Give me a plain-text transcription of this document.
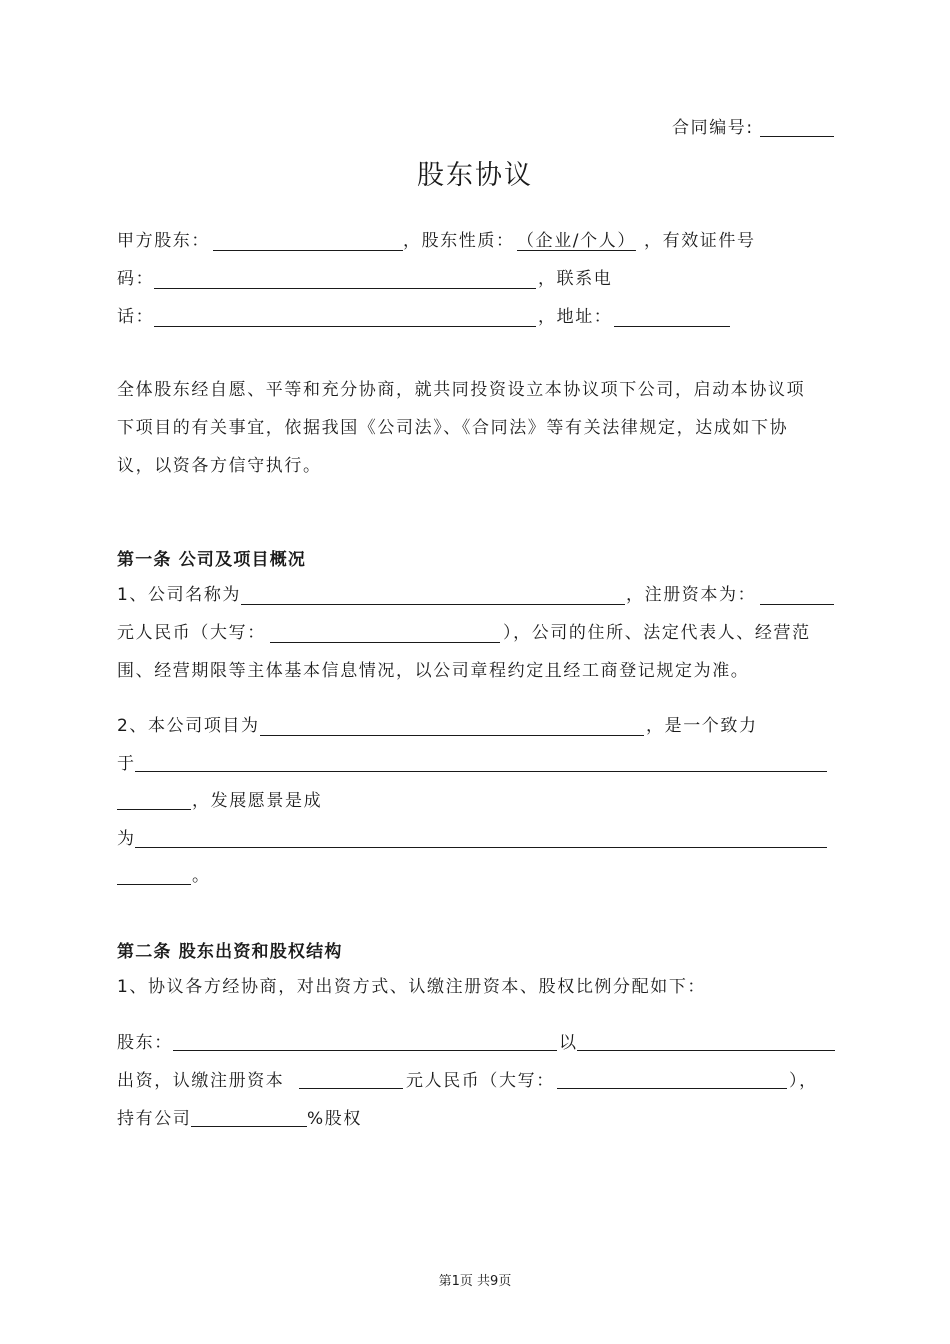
合同编号:
股东协议
甲方股东：	，股东性质： （企业/个人） ，有效证件号
码：	，联系电
话：	，地址：
全体股东经自愿、平等和充分协商，就共同投资设立本协议项下公司，启动本协议项
下项目的有关事宜，依据我国《公司法》、《合同法》等有关法律规定，达成如下协
议，以资各方信守执行。
第一条 公司及项目概况
1、公司名称为	，注册资本为：
元人民币（大写：	），公司的住所、法定代表人、经营范
围、经营期限等主体基本信息情况，以公司章程约定且经工商登记规定为准。
2、本公司项目为	，是一个致力
于
，发展愿景是成
为
。
第二条 股东出资和股权结构
1、协议各方经协商，对出资方式、认缴注册资本、股权比例分配如下：
股东：	以
出资，认缴注册资本	元人民币（大写：	），
持有公司	%股权
第1页 共9页
